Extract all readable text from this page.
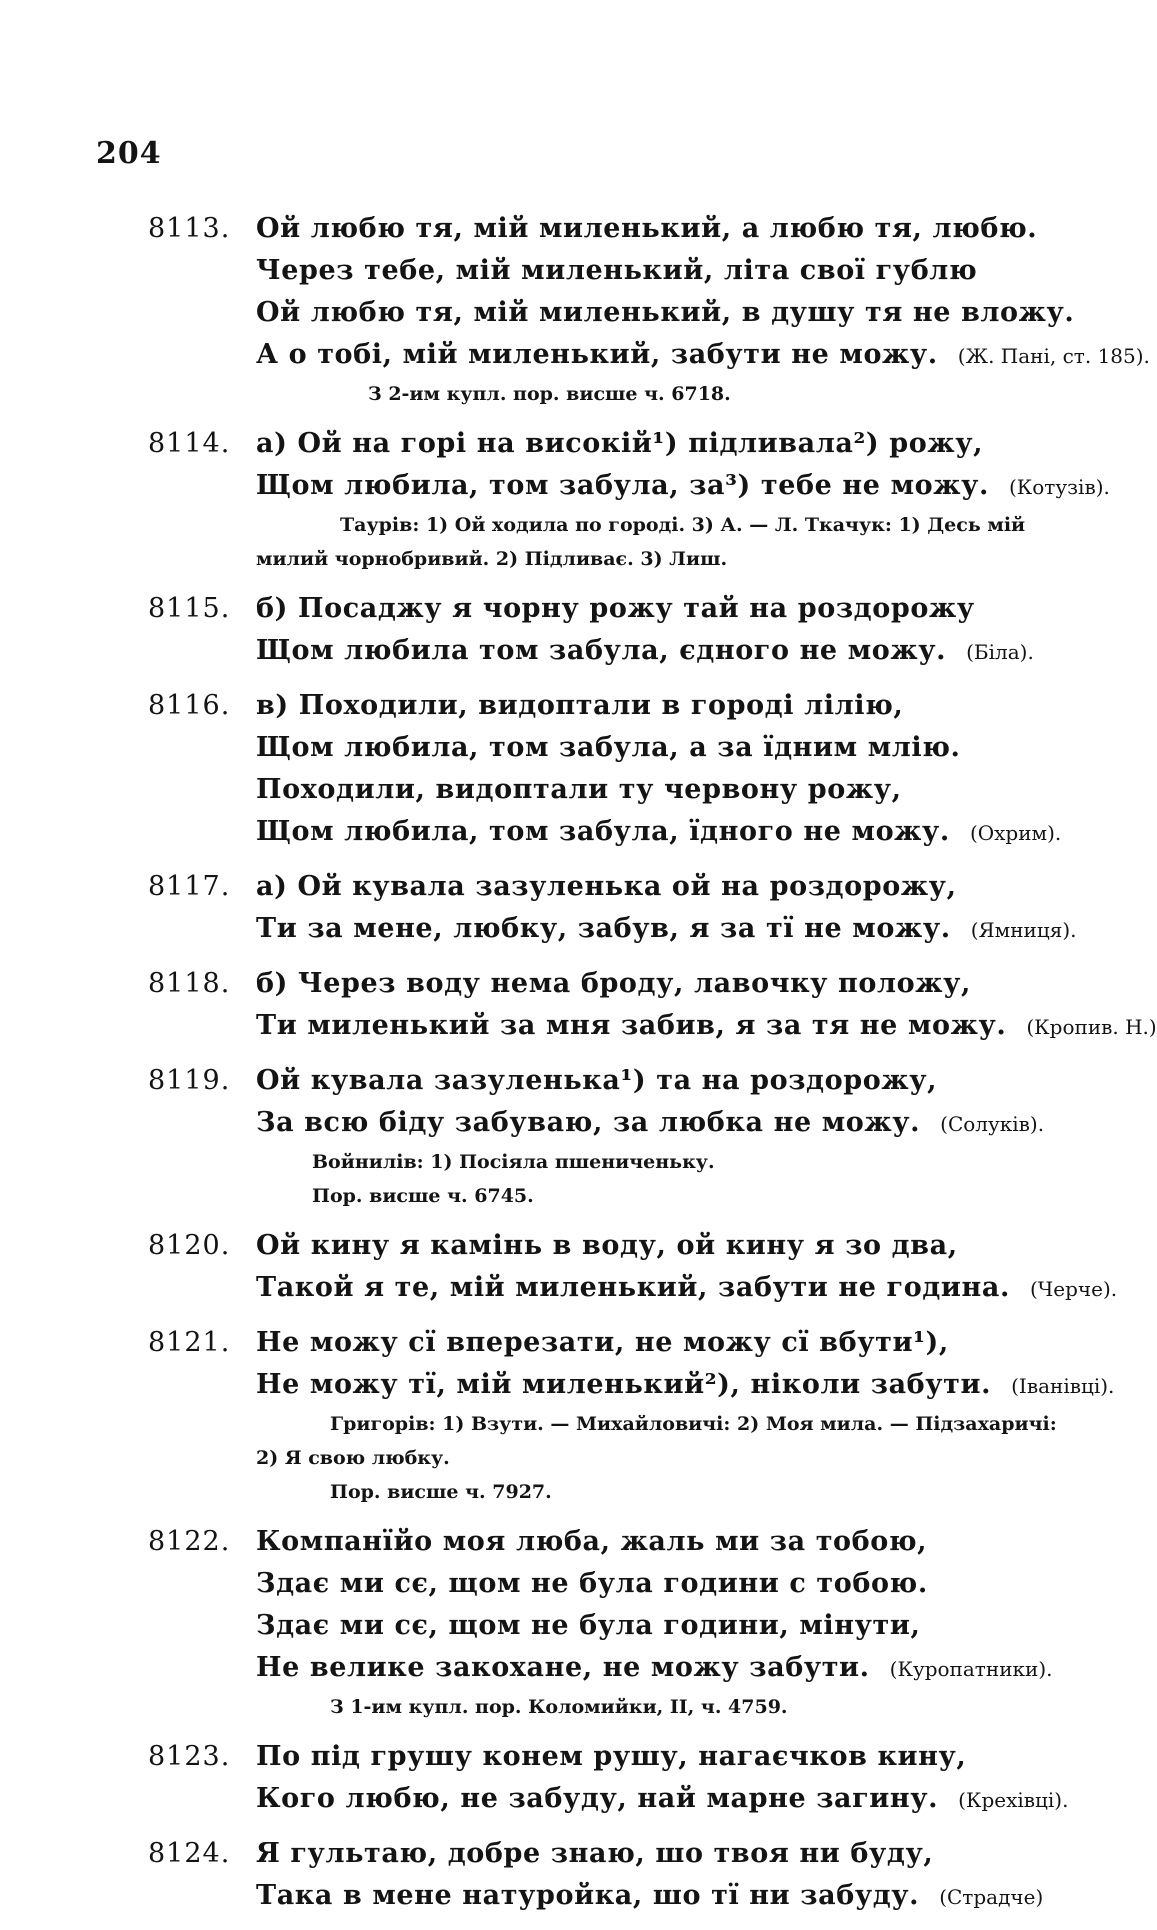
204
8113. Ой любю тя, мій миленький, а любю тя, любю.
Через тебе, мій миленький, літа свої гублю
Ой любю тя, мій миленький, в душу тя не вложу.
А о тобі, мій миленький, забути не можу. (Ж. Пані, ст. 185).
З 2-им купл. пор. висше ч. 6718.
8114. а) Ой на горі на високій¹) підливала²) рожу,
Щом любила, том забула, за³) тебе не можу. (Котузів).
Таурів: 1) Ой ходила по городі. 3) А. — Л. Ткачук: 1) Десь мій
милий чорнобривий. 2) Підливає. 3) Лиш.
8115. б) Посаджу я чорну рожу тай на роздорожу
Щом любила том забула, єдного не можу. (Біла).
8116. в) Походили, видоптали в городі лілію,
Щом любила, том забула, а за їдним млію.
Походили, видоптали ту червону рожу,
Щом любила, том забула, їдного не можу. (Охрим).
8117. а) Ой кувала зазуленька ой на роздорожу,
Ти за мене, любку, забув, я за тї не можу. (Ямниця).
8118. б) Через воду нема броду, лавочку положу,
Ти миленький за мня забив, я за тя не можу. (Кропив. Н.)
8119. Ой кувала зазуленька¹) та на роздорожу,
За всю біду забуваю, за любка не можу. (Солуків).
Войнилів: 1) Посіяла пшениченьку.
Пор. висше ч. 6745.
8120. Ой кину я камінь в воду, ой кину я зо два,
Такой я те, мій миленький, забути не година. (Черче).
8121. Не можу сї вперезати, не можу сї вбути¹),
Не можу тї, мій миленький²), ніколи забути. (Іванівці).
Григорів: 1) Взути. — Михайловичі: 2) Моя мила. — Підзахаричі:
2) Я свою любку.
Пор. висше ч. 7927.
8122. Компанїйо моя люба, жаль ми за тобою,
Здає ми сє, щом не була години с тобою.
Здає ми сє, щом не була години, мінути,
Не велике закохане, не можу забути. (Куропатники).
З 1-им купл. пор. Коломийки, II, ч. 4759.
8123. По під грушу конем рушу, нагаєчков кину,
Кого любю, не забуду, най марне загину. (Крехівці).
8124. Я гультаю, добре знаю, шо твоя ни буду,
Така в мене натуройка, шо тї ни забуду. (Страдче)
